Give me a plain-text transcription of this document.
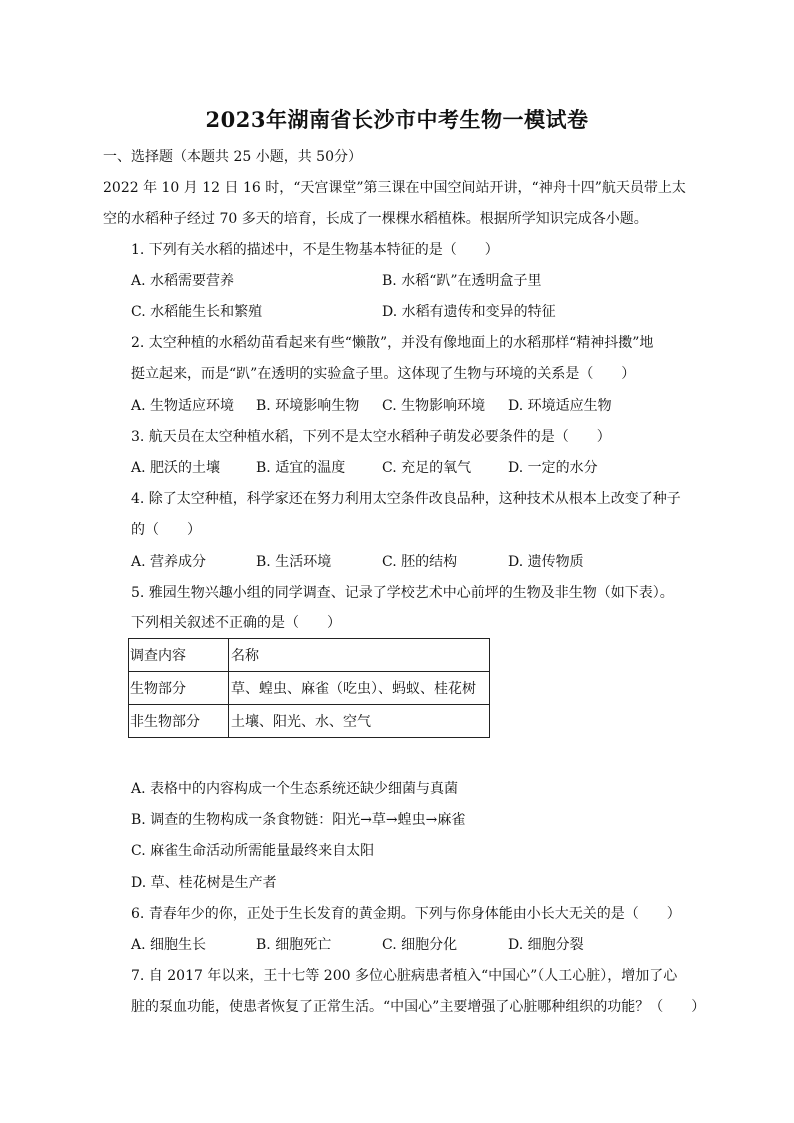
2023年湖南省长沙市中考生物一模试卷
一、选择题（本题共 25 小题，共 50分）
2022 年 10 月 12 日 16 时，“天宫课堂”第三课在中国空间站开讲，“神舟十四”航天员带上太
空的水稻种子经过 70 多天的培育，长成了一棵棵水稻植株。根据所学知识完成各小题。
1. 下列有关水稻的描述中，不是生物基本特征的是（　　）
A. 水稻需要营养	B. 水稻“趴”在透明盒子里
C. 水稻能生长和繁殖	D. 水稻有遗传和变异的特征
2. 太空种植的水稻幼苗看起来有些“懒散”，并没有像地面上的水稻那样“精神抖擞”地
挺立起来，而是“趴”在透明的实验盒子里。这体现了生物与环境的关系是（　　）
A. 生物适应环境 B. 环境影响生物 C. 生物影响环境 D. 环境适应生物
3. 航天员在太空种植水稻，下列不是太空水稻种子萌发必要条件的是（　　）
A. 肥沃的土壤	B. 适宜的温度	C. 充足的氧气	D. 一定的水分
4. 除了太空种植，科学家还在努力利用太空条件改良品种，这种技术从根本上改变了种子
的（　　）
A. 营养成分	B. 生活环境	C. 胚的结构	D. 遗传物质
5. 雅园生物兴趣小组的同学调查、记录了学校艺术中心前坪的生物及非生物（如下表）。
下列相关叙述不正确的是（　　）
调查内容	名称
生物部分	草、蝗虫、麻雀（吃虫）、蚂蚁、桂花树
非生物部分	土壤、阳光、水、空气
A. 表格中的内容构成一个生态系统还缺少细菌与真菌
B. 调查的生物构成一条食物链：阳光→草→蝗虫→麻雀
C. 麻雀生命活动所需能量最终来自太阳
D. 草、桂花树是生产者
6. 青春年少的你，正处于生长发育的黄金期。下列与你身体能由小长大无关的是（　　）
A. 细胞生长	B. 细胞死亡	C. 细胞分化	D. 细胞分裂
7. 自 2017 年以来，王十七等 200 多位心脏病患者植入“中国心”（人工心脏），增加了心
脏的泵血功能，使患者恢复了正常生活。“中国心”主要增强了心脏哪种组织的功能？（　　）
